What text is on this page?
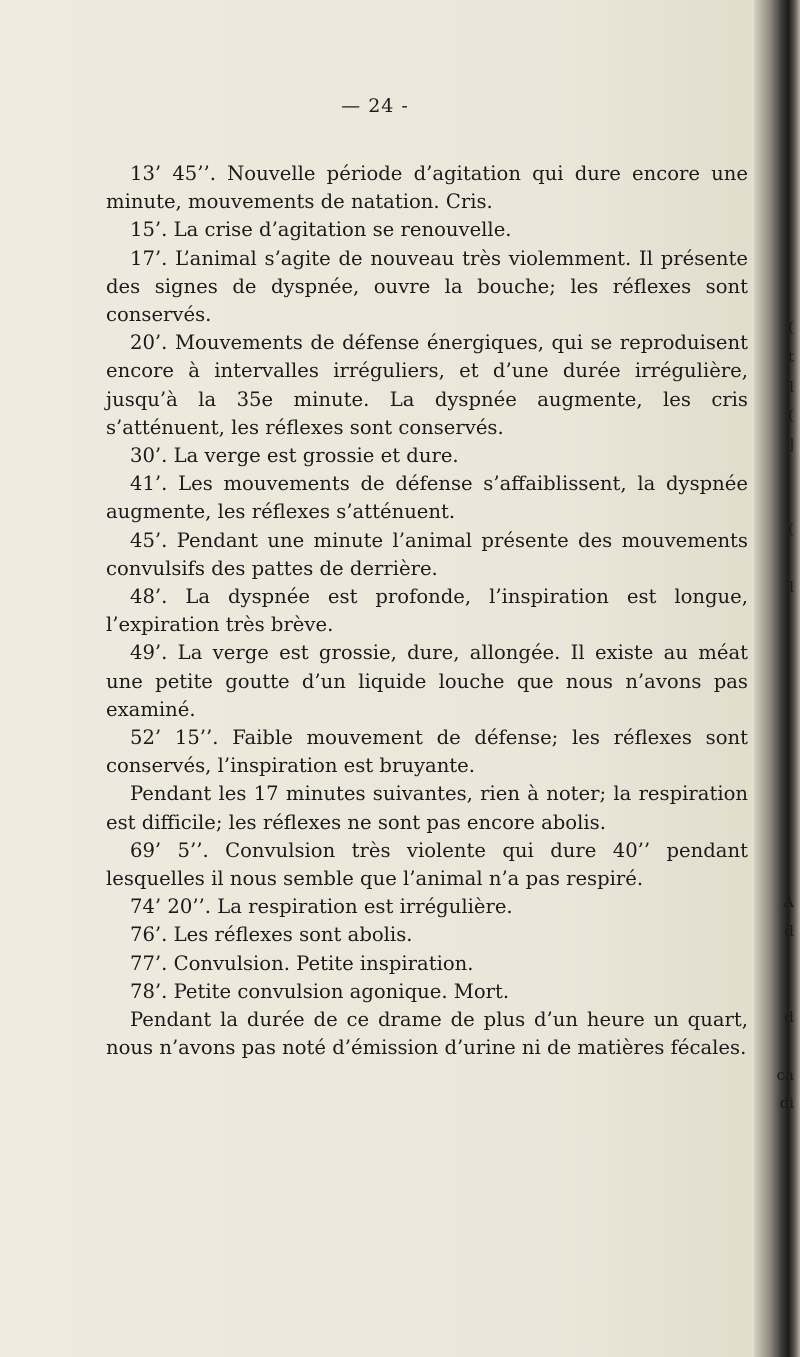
— 24 -

13’ 45’’. Nouvelle période d’agitation qui dure encore une minute, mouvements de natation. Cris.

15’. La crise d’agitation se renouvelle.

17’. L’animal s’agite de nouveau très violemment. Il présente des signes de dyspnée, ouvre la bouche; les réflexes sont conservés.

20’. Mouvements de défense énergiques, qui se reproduisent encore à intervalles irréguliers, et d’une durée irrégulière, jusqu’à la 35e minute. La dyspnée augmente, les cris s’atténuent, les réflexes sont conservés.

30’. La verge est grossie et dure.

41’. Les mouvements de défense s’affaiblissent, la dyspnée augmente, les réflexes s’atténuent.

45’. Pendant une minute l’animal présente des mouvements convulsifs des pattes de derrière.

48’. La dyspnée est profonde, l’inspiration est longue, l’expiration très brève.

49’. La verge est grossie, dure, allongée. Il existe au méat une petite goutte d’un liquide louche que nous n’avons pas examiné.

52’ 15’’. Faible mouvement de défense; les réflexes sont conservés, l’inspiration est bruyante.

Pendant les 17 minutes suivantes, rien à noter; la respiration est difficile; les réflexes ne sont pas encore abolis.

69’ 5’’. Convulsion très violente qui dure 40’’ pendant lesquelles il nous semble que l’animal n’a pas respiré.

74’ 20’’. La respiration est irrégulière.

76’. Les réflexes sont abolis.

77’. Convulsion. Petite inspiration.

78’. Petite convulsion agonique. Mort.

Pendant la durée de ce drame de plus d’un heure un quart, nous n’avons pas noté d’émission d’urine ni de matières fécales.

(
t
l
(
]
(
l
À
d
d
ca
di
